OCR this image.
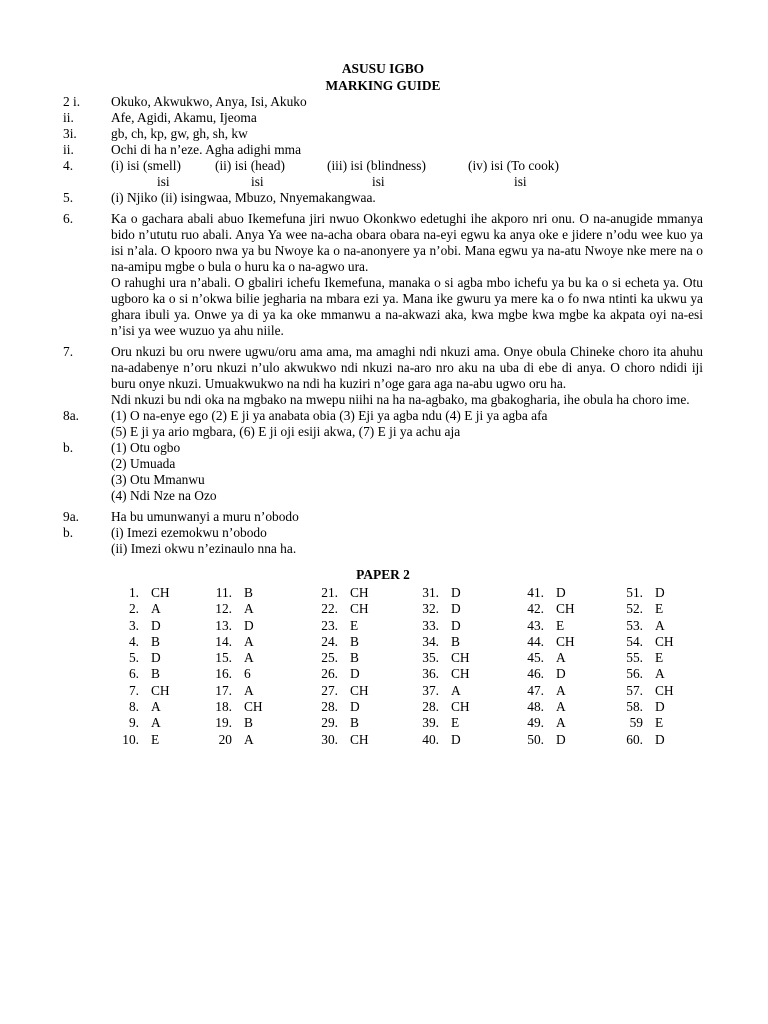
ASUSU IGBO
MARKING GUIDE
2 i.	Okuko, Akwukwo, Anya, Isi, Akuko
ii.	Afe, Agidi, Akamu, Ijeoma
3i.	gb, ch, kp, gw, gh, sh, kw
ii.	Ochi di ha n’eze. Agha adighi mma
4.	(i) isi (smell)	(ii) isi (head)	(iii) isi (blindness)	(iv) isi (To cook)
isi	isi	isi	isi
5.	(i) Njiko (ii) isingwaa, Mbuzo, Nnyemakangwaa.
6.	Ka o gachara abali abuo Ikemefuna jiri nwuo Okonkwo edetughi ihe akporo nri onu. O na-anugide mmanya bido n’ututu ruo abali. Anya Ya wee na-acha obara obara na-eyi egwu ka anya oke e jidere n’odu wee kuo ya isi n’ala. O kpooro nwa ya bu Nwoye ka o na-anonyere ya n’obi. Mana egwu ya na-atu Nwoye nke mere na o na-amipu mgbe o bula o huru ka o na-agwo ura.
O rahughi ura n’abali. O gbaliri ichefu Ikemefuna, manaka o si agba mbo ichefu ya bu ka o si echeta ya. Otu ugboro ka o si n’okwa bilie jegharia na mbara ezi ya. Mana ike gwuru ya mere ka o fo nwa ntinti ka ukwu ya ghara ibuli ya. Onwe ya di ya ka oke mmanwu a na-akwazi aka, kwa mgbe kwa mgbe ka akpata oyi na-esi n’isi ya wee wuzuo ya ahu niile.
7.	Oru nkuzi bu oru nwere ugwu/oru ama ama, ma amaghi ndi nkuzi ama. Onye obula Chineke choro ita ahuhu na-adabenye n’oru nkuzi n’ulo akwukwo ndi nkuzi na-aro nro aku na uba di ebe di anya. O choro ndidi iji buru onye nkuzi. Umuakwukwo na ndi ha kuziri n’oge gara aga na-abu ugwo oru ha.
Ndi nkuzi bu ndi oka na mgbako na mwepu niihi na ha na-agbako, ma gbakogharia, ihe obula ha choro ime.
8a.	(1) O na-enye ego (2) E ji ya anabata obia (3) Eji ya agba ndu (4) E ji ya agba afa
(5) E ji ya ario mgbara, (6) E ji oji esiji akwa, (7) E ji ya achu aja
b.	(1) Otu ogbo
(2) Umuada
(3) Otu Mmanwu
(4) Ndi Nze na Ozo
9a.	Ha bu umunwanyi a muru n’obodo
b.	(i) Imezi ezemokwu n’obodo
(ii) Imezi okwu n’ezinaulo nna ha.
PAPER 2
1.	CH	11.	B	21.	CH	31.	D	41.	D	51.	D
2.	A	12.	A	22.	CH	32.	D	42.	CH	52.	E
3.	D	13.	D	23.	E	33.	D	43.	E	53.	A
4.	B	14.	A	24.	B	34.	B	44.	CH	54.	CH
5.	D	15.	A	25.	B	35.	CH	45.	A	55.	E
6.	B	16.	6	26.	D	36.	CH	46.	D	56.	A
7.	CH	17.	A	27.	CH	37.	A	47.	A	57.	CH
8.	A	18.	CH	28.	D	28.	CH	48.	A	58.	D
9.	A	19.	B	29.	B	39.	E	49.	A	59	E
10.	E	20	A	30.	CH	40.	D	50.	D	60.	D
